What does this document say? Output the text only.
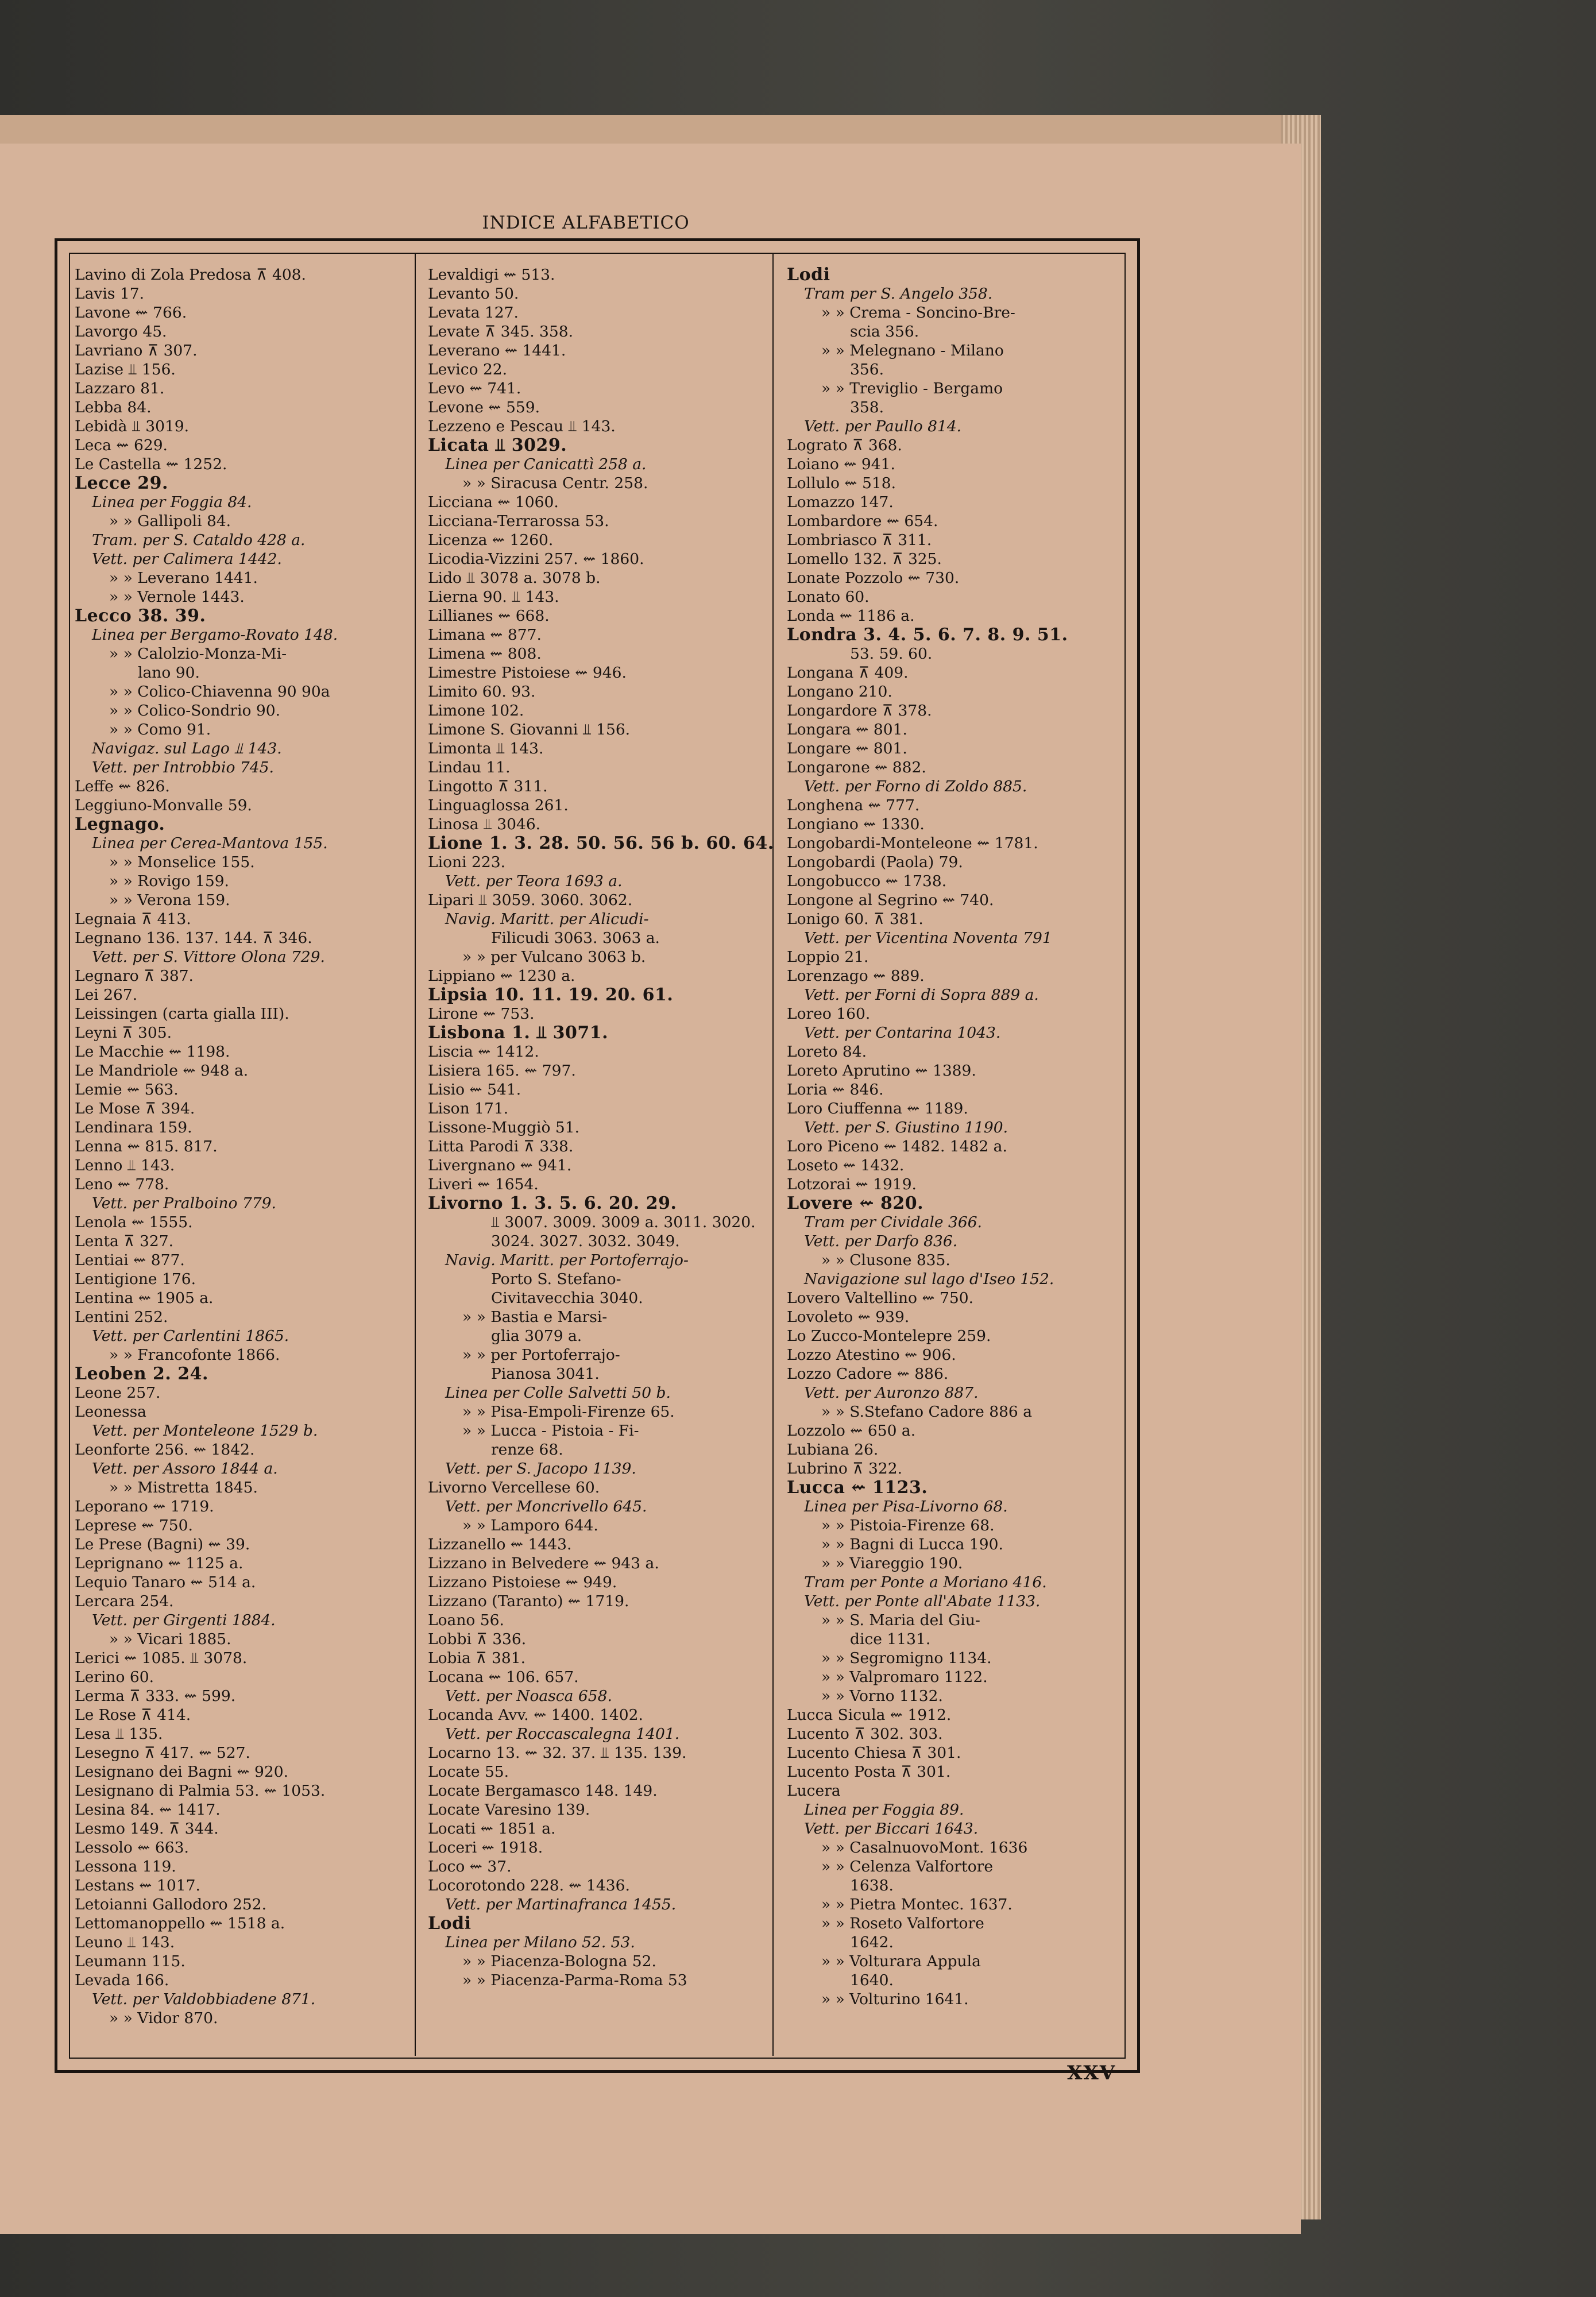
INDICE ALFABETICO
Lavino di Zola Predosa ⊼ 408.
Lavis 17.
Lavone ⇜ 766.
Lavorgo 45.
Lavriano ⊼ 307.
Lazise ⫫ 156.
Lazzaro 81.
Lebba 84.
Lebidà ⫫ 3019.
Leca ⇜ 629.
Le Castella ⇜ 1252.
Lecce 29.
Linea per Foggia 84.
» » Gallipoli 84.
Tram. per S. Cataldo 428 a.
Vett. per Calimera 1442.
» » Leverano 1441.
» » Vernole 1443.
Lecco 38. 39.
Linea per Bergamo-Rovato 148.
» » Calolzio-Monza-Mi-
lano 90.
» » Colico-Chiavenna 90 90a
» » Colico-Sondrio 90.
» » Como 91.
Navigaz. sul Lago ⫫ 143.
Vett. per Introbbio 745.
Leffe ⇜ 826.
Leggiuno-Monvalle 59.
Legnago.
Linea per Cerea-Mantova 155.
» » Monselice 155.
» » Rovigo 159.
» » Verona 159.
Legnaia ⊼ 413.
Legnano 136. 137. 144. ⊼ 346.
Vett. per S. Vittore Olona 729.
Legnaro ⊼ 387.
Lei 267.
Leissingen (carta gialla III).
Leyni ⊼ 305.
Le Macchie ⇜ 1198.
Le Mandriole ⇜ 948 a.
Lemie ⇜ 563.
Le Mose ⊼ 394.
Lendinara 159.
Lenna ⇜ 815. 817.
Lenno ⫫ 143.
Leno ⇜ 778.
Vett. per Pralboino 779.
Lenola ⇜ 1555.
Lenta ⊼ 327.
Lentiai ⇜ 877.
Lentigione 176.
Lentina ⇜ 1905 a.
Lentini 252.
Vett. per Carlentini 1865.
» » Francofonte 1866.
Leoben 2. 24.
Leone 257.
Leonessa
Vett. per Monteleone 1529 b.
Leonforte 256. ⇜ 1842.
Vett. per Assoro 1844 a.
» » Mistretta 1845.
Leporano ⇜ 1719.
Leprese ⇜ 750.
Le Prese (Bagni) ⇜ 39.
Leprignano ⇜ 1125 a.
Lequio Tanaro ⇜ 514 a.
Lercara 254.
Vett. per Girgenti 1884.
» » Vicari 1885.
Lerici ⇜ 1085. ⫫ 3078.
Lerino 60.
Lerma ⊼ 333. ⇜ 599.
Le Rose ⊼ 414.
Lesa ⫫ 135.
Lesegno ⊼ 417. ⇜ 527.
Lesignano dei Bagni ⇜ 920.
Lesignano di Palmia 53. ⇜ 1053.
Lesina 84. ⇜ 1417.
Lesmo 149. ⊼ 344.
Lessolo ⇜ 663.
Lessona 119.
Lestans ⇜ 1017.
Letoianni Gallodoro 252.
Lettomanoppello ⇜ 1518 a.
Leuno ⫫ 143.
Leumann 115.
Levada 166.
Vett. per Valdobbiadene 871.
» » Vidor 870.
Levaldigi ⇜ 513.
Levanto 50.
Levata 127.
Levate ⊼ 345. 358.
Leverano ⇜ 1441.
Levico 22.
Levo ⇜ 741.
Levone ⇜ 559.
Lezzeno e Pescau ⫫ 143.
Licata ⫫ 3029.
Linea per Canicattì 258 a.
» » Siracusa Centr. 258.
Licciana ⇜ 1060.
Licciana-Terrarossa 53.
Licenza ⇜ 1260.
Licodia-Vizzini 257. ⇜ 1860.
Lido ⫫ 3078 a. 3078 b.
Lierna 90. ⫫ 143.
Lillianes ⇜ 668.
Limana ⇜ 877.
Limena ⇜ 808.
Limestre Pistoiese ⇜ 946.
Limito 60. 93.
Limone 102.
Limone S. Giovanni ⫫ 156.
Limonta ⫫ 143.
Lindau 11.
Lingotto ⊼ 311.
Linguaglossa 261.
Linosa ⫫ 3046.
Lione 1. 3. 28. 50. 56. 56 b. 60. 64.
Lioni 223.
Vett. per Teora 1693 a.
Lipari ⫫ 3059. 3060. 3062.
Navig. Maritt. per Alicudi-
Filicudi 3063. 3063 a.
» » per Vulcano 3063 b.
Lippiano ⇜ 1230 a.
Lipsia 10. 11. 19. 20. 61.
Lirone ⇜ 753.
Lisbona 1. ⫫ 3071.
Liscia ⇜ 1412.
Lisiera 165. ⇜ 797.
Lisio ⇜ 541.
Lison 171.
Lissone-Muggiò 51.
Litta Parodi ⊼ 338.
Livergnano ⇜ 941.
Liveri ⇜ 1654.
Livorno 1. 3. 5. 6. 20. 29.
⫫ 3007. 3009. 3009 a. 3011. 3020.
3024. 3027. 3032. 3049.
Navig. Maritt. per Portoferrajo-
Porto S. Stefano-
Civitavecchia 3040.
» » Bastia e Marsi-
glia 3079 a.
» » per Portoferrajo-
Pianosa 3041.
Linea per Colle Salvetti 50 b.
» » Pisa-Empoli-Firenze 65.
» » Lucca - Pistoia - Fi-
renze 68.
Vett. per S. Jacopo 1139.
Livorno Vercellese 60.
Vett. per Moncrivello 645.
» » Lamporo 644.
Lizzanello ⇜ 1443.
Lizzano in Belvedere ⇜ 943 a.
Lizzano Pistoiese ⇜ 949.
Lizzano (Taranto) ⇜ 1719.
Loano 56.
Lobbi ⊼ 336.
Lobia ⊼ 381.
Locana ⇜ 106. 657.
Vett. per Noasca 658.
Locanda Avv. ⇜ 1400. 1402.
Vett. per Roccascalegna 1401.
Locarno 13. ⇜ 32. 37. ⫫ 135. 139.
Locate 55.
Locate Bergamasco 148. 149.
Locate Varesino 139.
Locati ⇜ 1851 a.
Loceri ⇜ 1918.
Loco ⇜ 37.
Locorotondo 228. ⇜ 1436.
Vett. per Martinafranca 1455.
Lodi
Linea per Milano 52. 53.
» » Piacenza-Bologna 52.
» » Piacenza-Parma-Roma 53
Lodi
Tram per S. Angelo 358.
» » Crema - Soncino-Bre-
scia 356.
» » Melegnano - Milano
356.
» » Treviglio - Bergamo
358.
Vett. per Paullo 814.
Lograto ⊼ 368.
Loiano ⇜ 941.
Lollulo ⇜ 518.
Lomazzo 147.
Lombardore ⇜ 654.
Lombriasco ⊼ 311.
Lomello 132. ⊼ 325.
Lonate Pozzolo ⇜ 730.
Lonato 60.
Londa ⇜ 1186 a.
Londra 3. 4. 5. 6. 7. 8. 9. 51.
53. 59. 60.
Longana ⊼ 409.
Longano 210.
Longardore ⊼ 378.
Longara ⇜ 801.
Longare ⇜ 801.
Longarone ⇜ 882.
Vett. per Forno di Zoldo 885.
Longhena ⇜ 777.
Longiano ⇜ 1330.
Longobardi-Monteleone ⇜ 1781.
Longobardi (Paola) 79.
Longobucco ⇜ 1738.
Longone al Segrino ⇜ 740.
Lonigo 60. ⊼ 381.
Vett. per Vicentina Noventa 791
Loppio 21.
Lorenzago ⇜ 889.
Vett. per Forni di Sopra 889 a.
Loreo 160.
Vett. per Contarina 1043.
Loreto 84.
Loreto Aprutino ⇜ 1389.
Loria ⇜ 846.
Loro Ciuffenna ⇜ 1189.
Vett. per S. Giustino 1190.
Loro Piceno ⇜ 1482. 1482 a.
Loseto ⇜ 1432.
Lotzorai ⇜ 1919.
Lovere ⇜ 820.
Tram per Cividale 366.
Vett. per Darfo 836.
» » Clusone 835.
Navigazione sul lago d'Iseo 152.
Lovero Valtellino ⇜ 750.
Lovoleto ⇜ 939.
Lo Zucco-Montelepre 259.
Lozzo Atestino ⇜ 906.
Lozzo Cadore ⇜ 886.
Vett. per Auronzo 887.
» » S.Stefano Cadore 886 a
Lozzolo ⇜ 650 a.
Lubiana 26.
Lubrino ⊼ 322.
Lucca ⇜ 1123.
Linea per Pisa-Livorno 68.
» » Pistoia-Firenze 68.
» » Bagni di Lucca 190.
» » Viareggio 190.
Tram per Ponte a Moriano 416.
Vett. per Ponte all'Abate 1133.
» » S. Maria del Giu-
dice 1131.
» » Segromigno 1134.
» » Valpromaro 1122.
» » Vorno 1132.
Lucca Sicula ⇜ 1912.
Lucento ⊼ 302. 303.
Lucento Chiesa ⊼ 301.
Lucento Posta ⊼ 301.
Lucera
Linea per Foggia 89.
Vett. per Biccari 1643.
» » CasalnuovoMont. 1636
» » Celenza Valfortore
1638.
» » Pietra Montec. 1637.
» » Roseto Valfortore
1642.
» » Volturara Appula
1640.
» » Volturino 1641.
XXV
